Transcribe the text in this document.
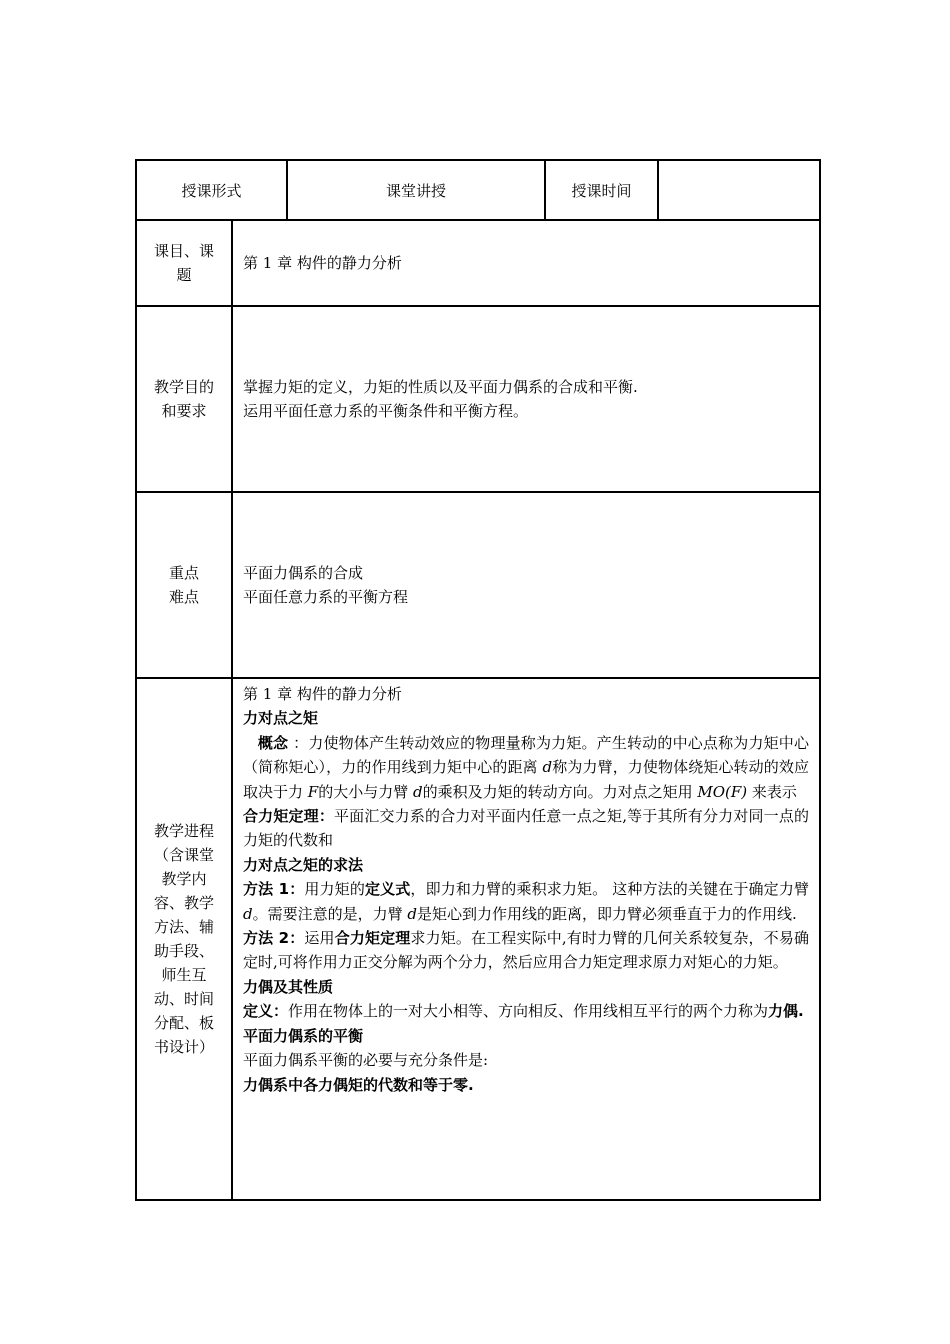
授课形式	课堂讲授	授课时间
课目、课
题
第 1 章 构件的静力分析
教学目的
和要求
掌握力矩的定义，力矩的性质以及平面力偶系的合成和平衡.
运用平面任意力系的平衡条件和平衡方程。
重点
难点
平面力偶系的合成
平面任意力系的平衡方程
教学进程
（含课堂
教学内
容、教学
方法、辅
助手段、
师生互
动、时间
分配、板
书设计）

第 1 章 构件的静力分析

力对点之矩

概念 ：力使物体产生转动效应的物理量称为力矩。产生转动的中心点称为力矩中心（简称矩心），力的作用线到力矩中心的距离 d称为力臂，力使物体绕矩心转动的效应取决于力 F的大小与力臂 d的乘积及力矩的转动方向。力对点之矩用 MO(F) 来表示

合力矩定理：平面汇交力系的合力对平面内任意一点之矩,等于其所有分力对同一点的力矩的代数和

力对点之矩的求法

方法 1：用力矩的定义式，即力和力臂的乘积求力矩。 这种方法的关键在于确定力臂 d。需要注意的是，力臂 d是矩心到力作用线的距离，即力臂必须垂直于力的作用线.

方法 2：运用合力矩定理求力矩。在工程实际中,有时力臂的几何关系较复杂，不易确定时,可将作用力正交分解为两个分力，然后应用合力矩定理求原力对矩心的力矩。

力偶及其性质

定义：作用在物体上的一对大小相等、方向相反、作用线相互平行的两个力称为力偶.

平面力偶系的平衡

平面力偶系平衡的必要与充分条件是:

力偶系中各力偶矩的代数和等于零.
